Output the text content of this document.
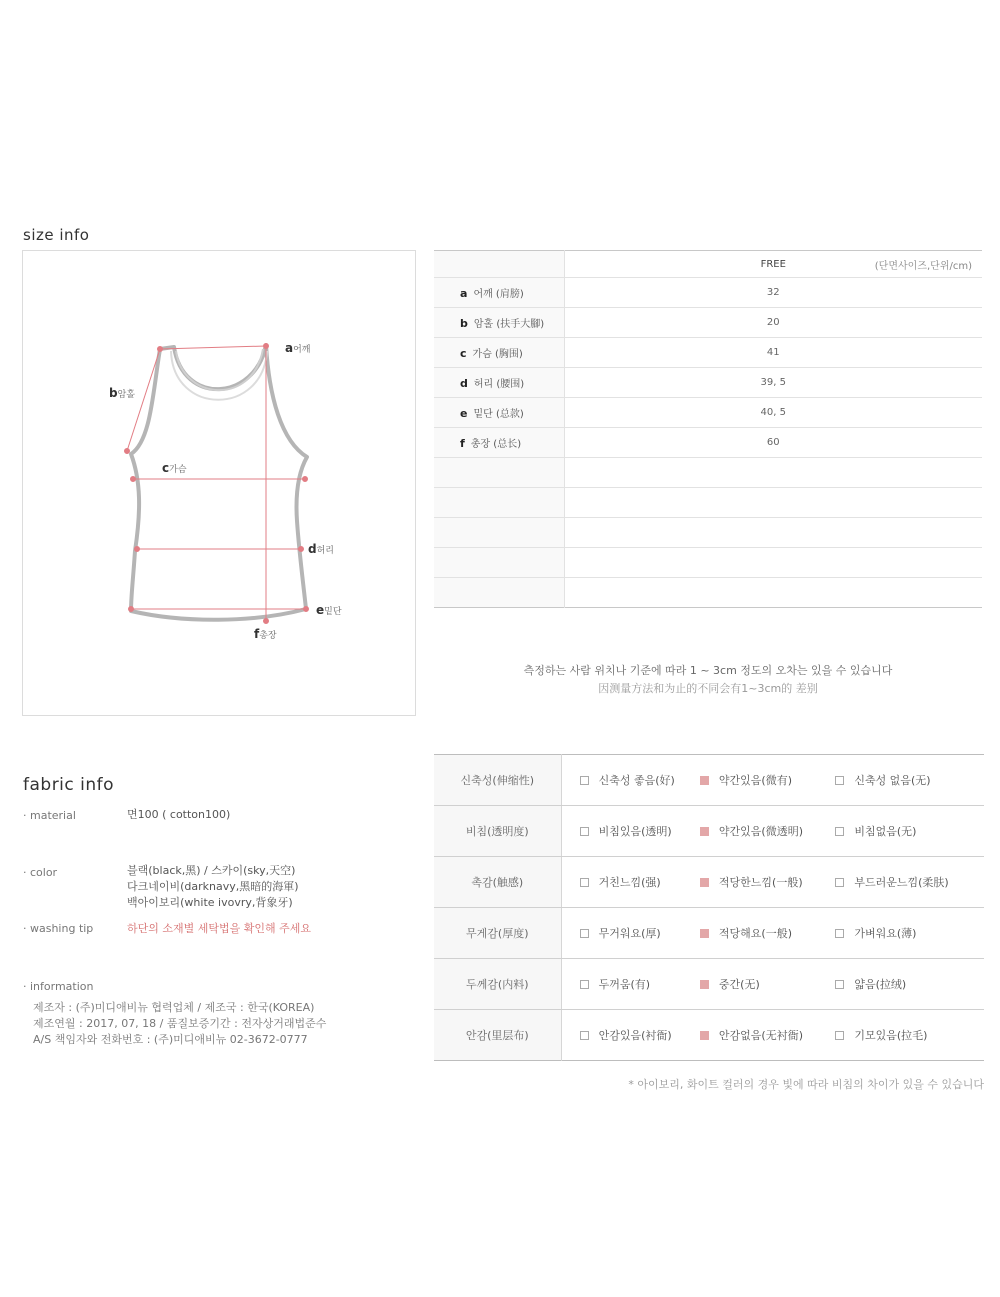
size info
a어깨
b암홀
c가슴
d허리
e밑단
f총장
	FREE (단면사이즈,단위/cm)

a 어깨 (肩膀)	32
b 암홀 (扶手大腳)	20
c 가슴 (胸围)	41
d 허리 (腰围)	39, 5
e 밑단 (总款)	40, 5
f 총장 (总长)	60

측정하는 사람 위치나 기준에 따라 1 ~ 3cm 정도의 오차는 있을 수 있습니다
因测量方法和为止的不同会有1~3cm的 差别
fabric info
· material	면100 ( cotton100)
· color	블랙(black,黑) / 스카이(sky,天空)
다크네이비(darknavy,黑暗的海軍)
백아이보리(white ivovry,背象牙)
· washing tip	하단의 소재별 세탁법을 확인해 주세요
· information
제조자 : (주)미디애비뉴 협력업체 / 제조국 : 한국(KOREA)
제조연월 : 2017, 07, 18 / 품질보증기간 : 전자상거래법준수
A/S 책임자와 전화번호 : (주)미디애비뉴 02-3672-0777
신축성(伸缩性)	신축성 좋음(好)	약간있음(微有)	신축성 없음(无)
비침(透明度)	비침있음(透明)	약간있음(微透明)	비침없음(无)
촉감(触感)	거친느낌(强)	적당한느낌(一般)	부드러운느낌(柔肤)
무게감(厚度)	무거워요(厚)	적당해요(一般)	가벼워요(薄)
두께감(内料)	두꺼움(有)	중간(无)	얇음(拉绒)
안감(里层布)	안감있음(衬衙)	안감없음(无衬衙)	기모있음(拉毛)
* 아이보리, 화이트 컬러의 경우 빛에 따라 비침의 차이가 있을 수 있습니다
